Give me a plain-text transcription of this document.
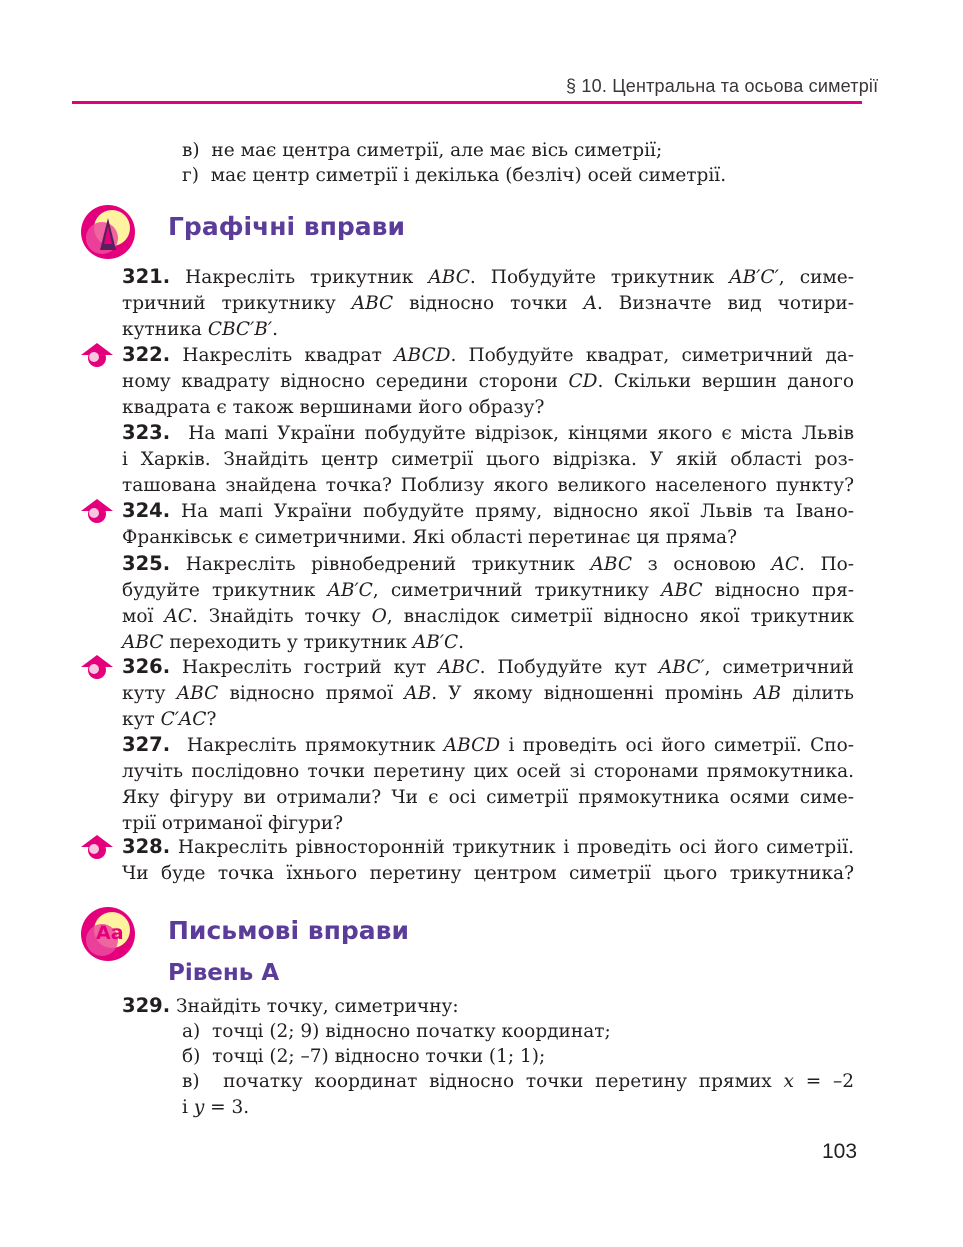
§ 10. Центральна та осьова симетрії
в) не має центра симетрії, але має вісь симетрії;
г) має центр симетрії і декілька (безліч) осей симетрії.
Графічні вправи
321. Накресліть трикутник ABC. Побудуйте трикутник AB′C′, симе-
тричний трикутнику ABC відносно точки A. Визначте вид чотири-
кутника CBC′B′.
322. Накресліть квадрат ABCD. Побудуйте квадрат, симетричний да-
ному квадрату відносно середини сторони CD. Скільки вершин даного
квадрата є також вершинами його образу?
323. На мапі України побудуйте відрізок, кінцями якого є міста Львів
і Харків. Знайдіть центр симетрії цього відрізка. У якій області роз-
ташована знайдена точка? Поблизу якого великого населеного пункту?
324. На мапі України побудуйте пряму, відносно якої Львів та Івано-
Франківськ є симетричними. Які області перетинає ця пряма?
325. Накресліть рівнобедрений трикутник ABC з основою AC. По-
будуйте трикутник AB′C, симетричний трикутнику ABC відносно пря-
мої AC. Знайдіть точку O, внаслідок симетрії відносно якої трикутник
ABC переходить у трикутник AB′C.
326. Накресліть гострий кут ABC. Побудуйте кут ABC′, симетричний
куту ABC відносно прямої AB. У якому відношенні промінь AB ділить
кут C′AC?
327. Накресліть прямокутник ABCD і проведіть осі його симетрії. Спо-
лучіть послідовно точки перетину цих осей зі сторонами прямокутника.
Яку фігуру ви отримали? Чи є осі симетрії прямокутника осями симе-
трії отриманої фігури?
328. Накресліть рівносторонній трикутник і проведіть осі його симетрії.
Чи буде точка їхнього перетину центром симетрії цього трикутника?
Aa Письмові вправи
Рівень А
329. Знайдіть точку, симетричну:
а) точці (2; 9) відносно початку координат;
б) точці (2; –7) відносно точки (1; 1);
в) початку координат відносно точки перетину прямих x = –2
і y = 3.
103
